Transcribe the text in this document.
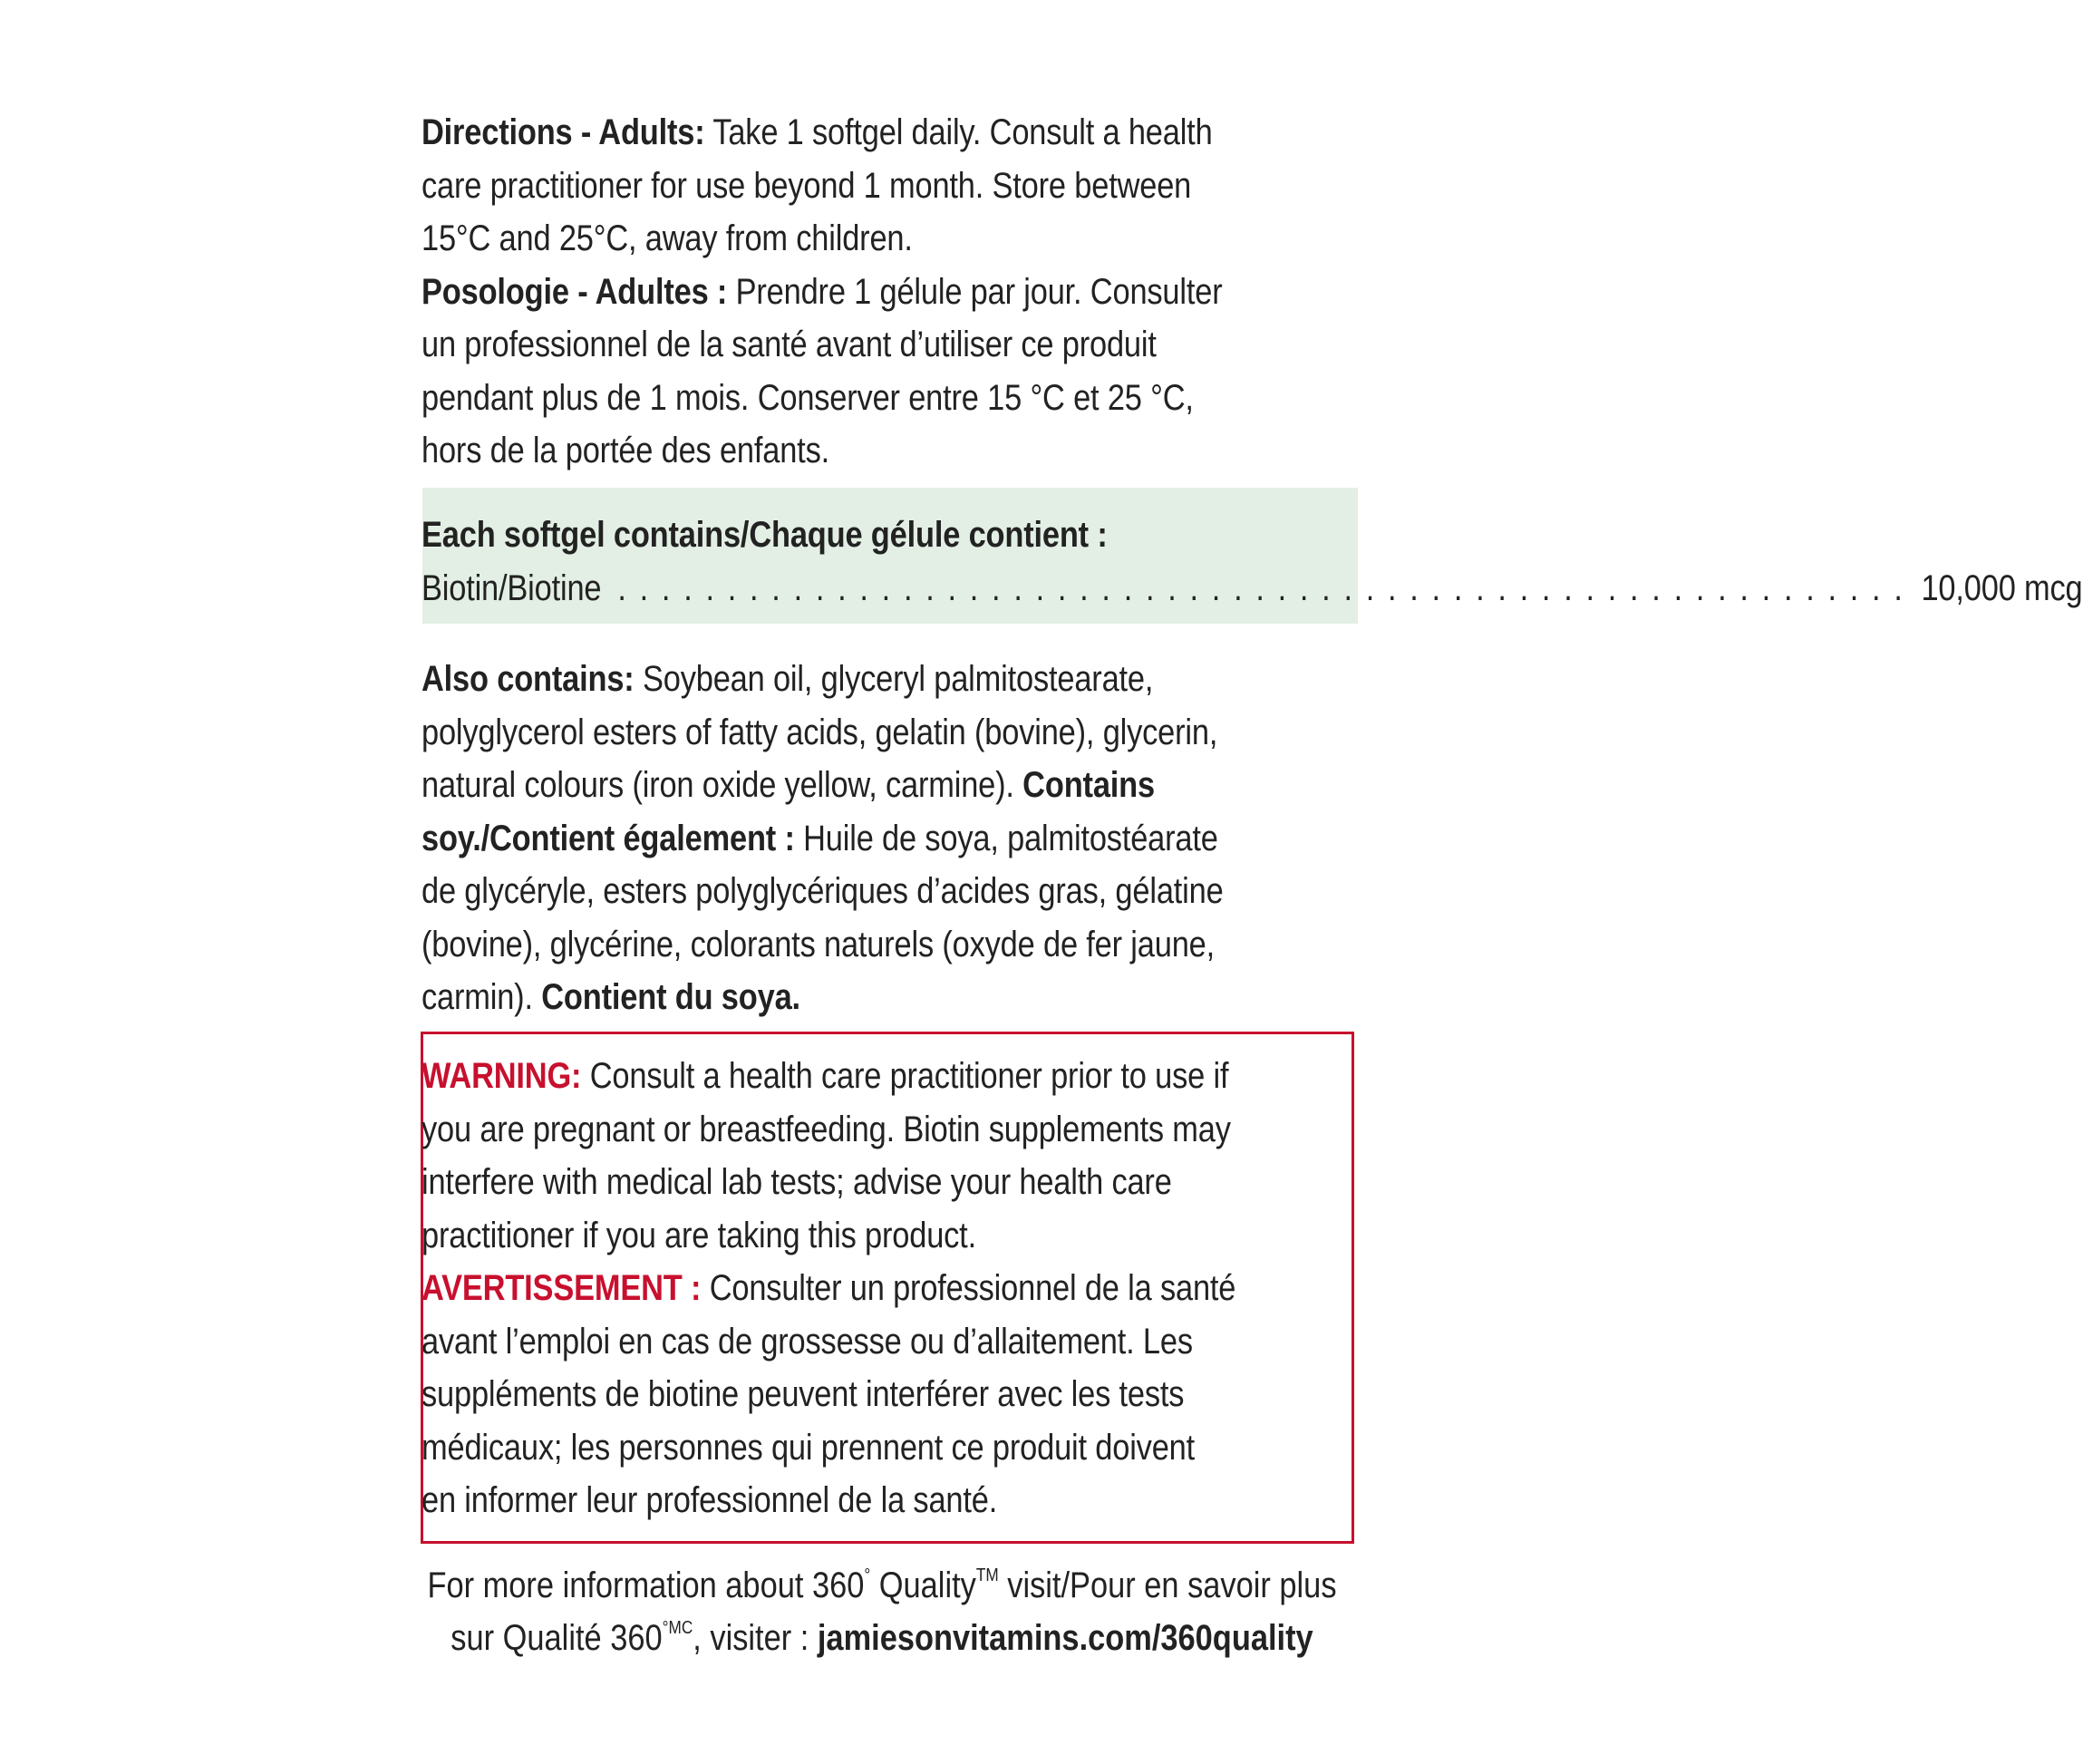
Directions - Adults: Take 1 softgel daily. Consult a health
care practitioner for use beyond 1 month. Store between
15°C and 25°C, away from children.
Posologie - Adultes : Prendre 1 gélule par jour. Consulter
un professionnel de la santé avant d’utiliser ce produit
pendant plus de 1 mois. Conserver entre 15 °C et 25 °C,
hors de la portée des enfants.
Each softgel contains/Chaque gélule contient :
Biotin/Biotine . . .	10,000 mcg
Also contains: Soybean oil, glyceryl palmitostearate,
polyglycerol esters of fatty acids, gelatin (bovine), glycerin,
natural colours (iron oxide yellow, carmine). Contains
soy./Contient également : Huile de soya, palmitostéarate
de glycéryle, esters polyglycériques d’acides gras, gélatine
(bovine), glycérine, colorants naturels (oxyde de fer jaune,
carmin). Contient du soya.
WARNING: Consult a health care practitioner prior to use if
you are pregnant or breastfeeding. Biotin supplements may
interfere with medical lab tests; advise your health care
practitioner if you are taking this product.
AVERTISSEMENT : Consulter un professionnel de la santé
avant l’emploi en cas de grossesse ou d’allaitement. Les
suppléments de biotine peuvent interférer avec les tests
médicaux; les personnes qui prennent ce produit doivent
en informer leur professionnel de la santé.
For more information about 360° Quality™ visit/Pour en savoir plus
sur Qualité $360^{^\circ MC}$, visiter : jamiesonvitamins.com/360quality
